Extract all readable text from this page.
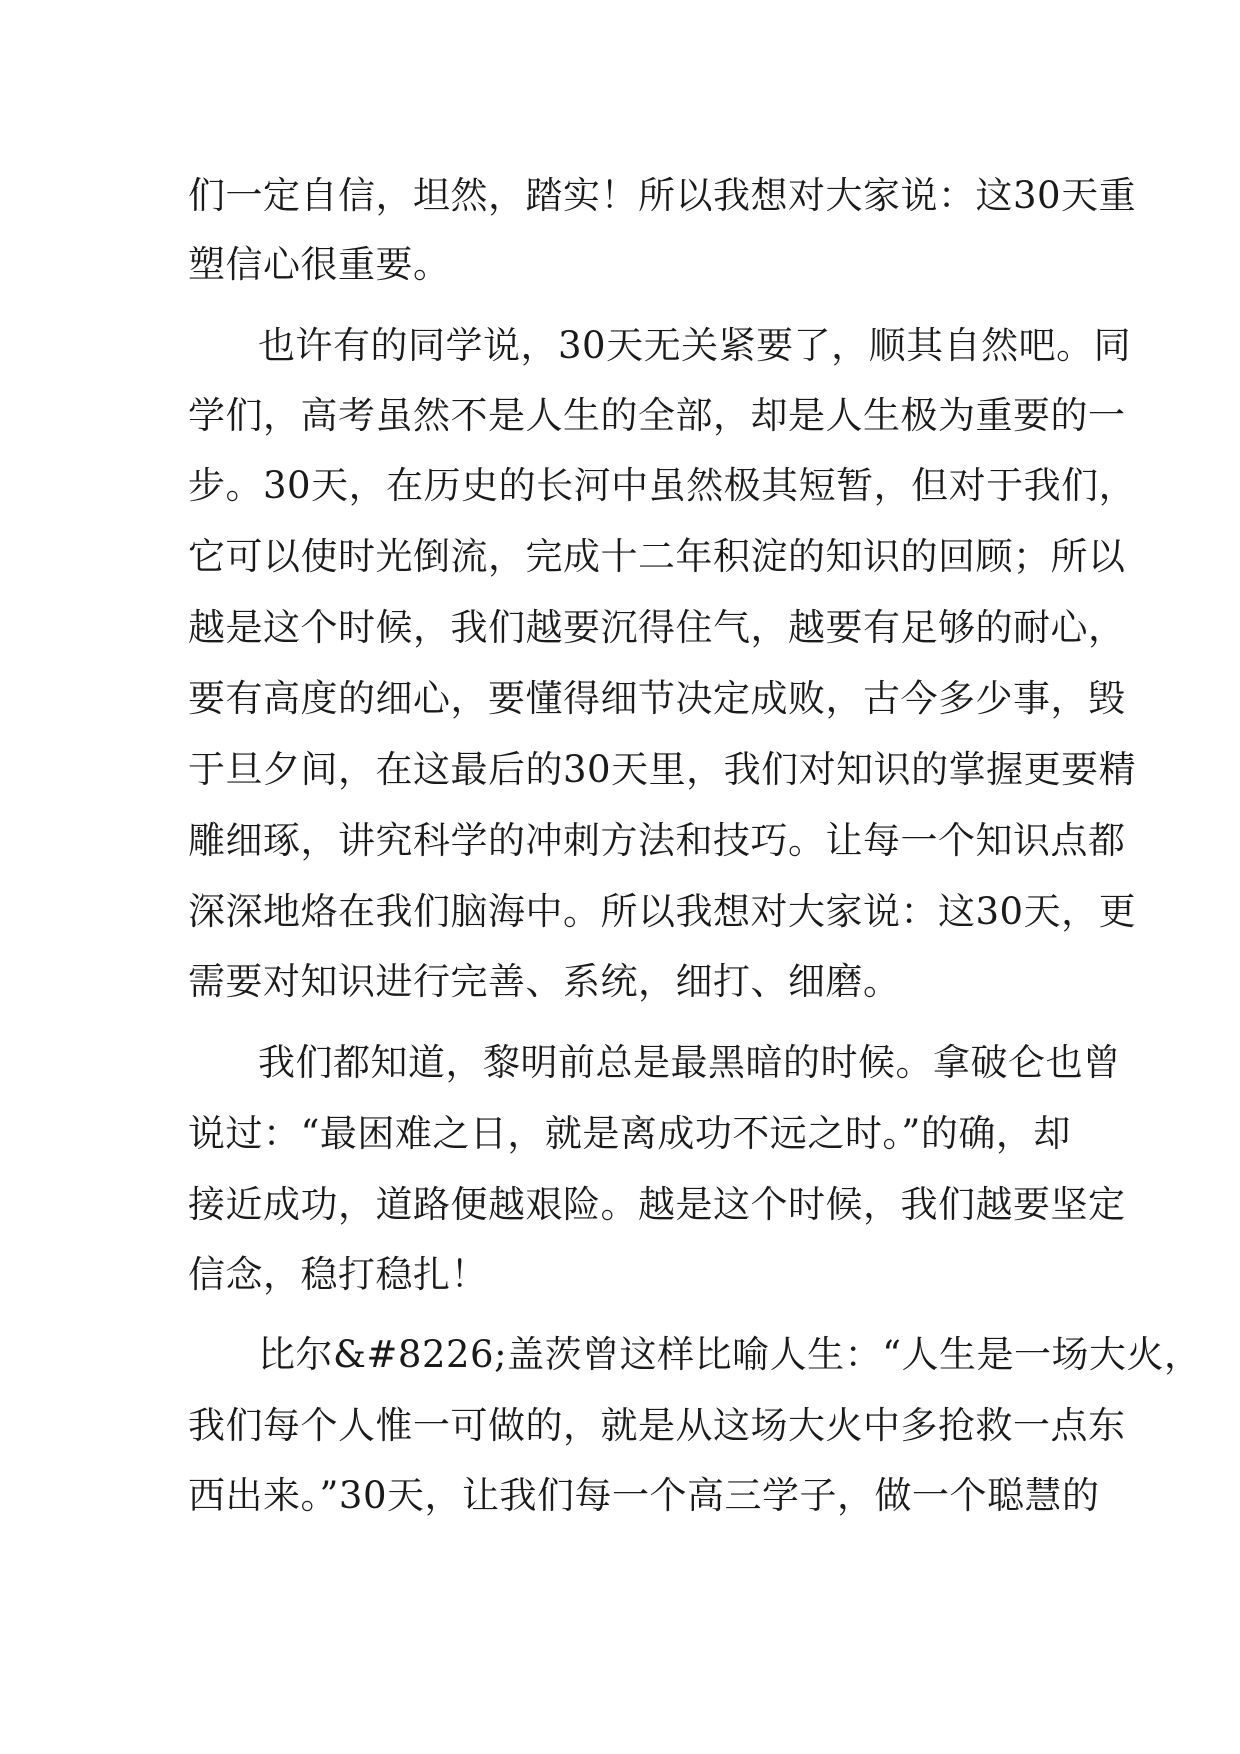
们一定自信，坦然，踏实！所以我想对大家说：这30天重
塑信心很重要。
也许有的同学说，30天无关紧要了，顺其自然吧。同
学们，高考虽然不是人生的全部，却是人生极为重要的一
步。30天，在历史的长河中虽然极其短暂，但对于我们，
它可以使时光倒流，完成十二年积淀的知识的回顾；所以
越是这个时候，我们越要沉得住气，越要有足够的耐心，
要有高度的细心，要懂得细节决定成败，古今多少事，毁
于旦夕间，在这最后的30天里，我们对知识的掌握更要精
雕细琢，讲究科学的冲刺方法和技巧。让每一个知识点都
深深地烙在我们脑海中。所以我想对大家说：这30天，更
需要对知识进行完善、系统，细打、细磨。
我们都知道，黎明前总是最黑暗的时候。拿破仑也曾
说过：“最困难之日，就是离成功不远之时。”的确，却
接近成功，道路便越艰险。越是这个时候，我们越要坚定
信念，稳打稳扎！
比尔&#8226;盖茨曾这样比喻人生：“人生是一场大火，
我们每个人惟一可做的，就是从这场大火中多抢救一点东
西出来。”30天，让我们每一个高三学子，做一个聪慧的
